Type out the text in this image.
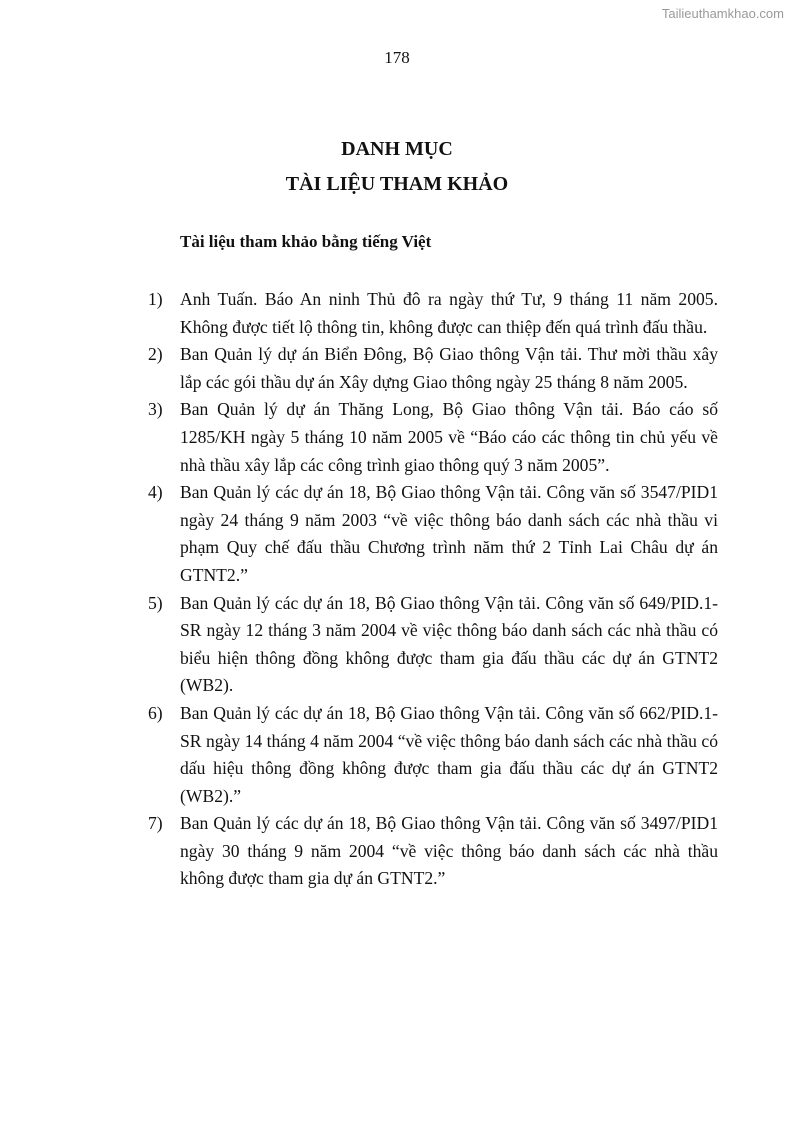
Tailieuthamkhao.com
178
DANH MỤC
TÀI LIỆU THAM KHẢO
Tài liệu tham khảo bằng tiếng Việt
1) Anh Tuấn. Báo An ninh Thủ đô ra ngày thứ Tư, 9 tháng 11 năm 2005. Không được tiết lộ thông tin, không được can thiệp đến quá trình đấu thầu.
2) Ban Quản lý dự án Biển Đông, Bộ Giao thông Vận tải. Thư mời thầu xây lắp các gói thầu dự án Xây dựng Giao thông ngày 25 tháng 8 năm 2005.
3) Ban Quản lý dự án Thăng Long, Bộ Giao thông Vận tải. Báo cáo số 1285/KH ngày 5 tháng 10 năm 2005 về “Báo cáo các thông tin chủ yếu về nhà thầu xây lắp các công trình giao thông quý 3 năm 2005”.
4) Ban Quản lý các dự án 18, Bộ Giao thông Vận tải. Công văn số 3547/PID1 ngày 24 tháng 9 năm 2003 “về việc thông báo danh sách các nhà thầu vi phạm Quy chế đấu thầu Chương trình năm thứ 2 Tỉnh Lai Châu dự án GTNT2.”
5) Ban Quản lý các dự án 18, Bộ Giao thông Vận tải. Công văn số 649/PID.1-SR ngày 12 tháng 3 năm 2004 về việc thông báo danh sách các nhà thầu có biểu hiện thông đồng không được tham gia đấu thầu các dự án GTNT2 (WB2).
6) Ban Quản lý các dự án 18, Bộ Giao thông Vận tải. Công văn số 662/PID.1-SR ngày 14 tháng 4 năm 2004 “về việc thông báo danh sách các nhà thầu có dấu hiệu thông đồng không được tham gia đấu thầu các dự án GTNT2 (WB2).”
7) Ban Quản lý các dự án 18, Bộ Giao thông Vận tải. Công văn số 3497/PID1 ngày 30 tháng 9 năm 2004 “về việc thông báo danh sách các nhà thầu không được tham gia dự án GTNT2.”
